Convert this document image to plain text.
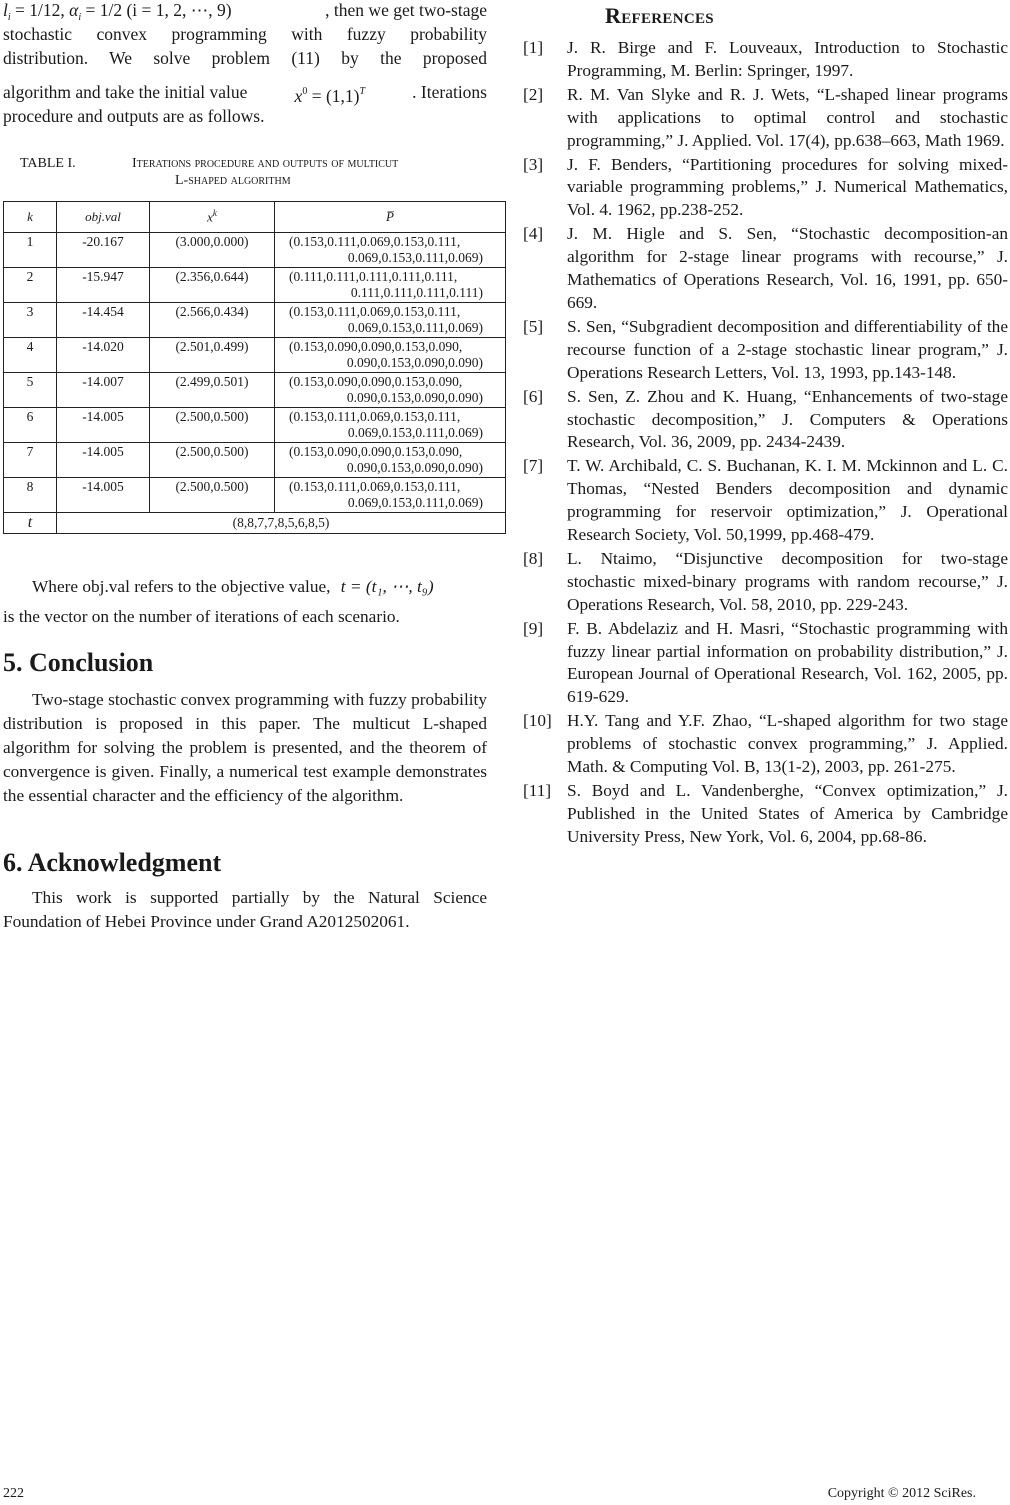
$l_i = 1/12$, $\alpha_i = 1/2$ (i = 1, 2, ⋯, 9)	, then we get two-stage
stochastic convex programming with fuzzy probability
distribution. We solve problem (11) by the proposed
algorithm and take the initial value	$x^0 = (1,1)^T$	. Iterations
procedure and outputs are as follows.
TABLE I.	Iterations procedure and outputs of multicut
L-shaped algorithm
k	obj.val	$x^k$	P̅
1	-20.167	(3.000,0.000)	(0.153,0.111,0.069,0.153,0.111,
0.069,0.153,0.111,0.069)

2	-15.947	(2.356,0.644)	(0.111,0.111,0.111,0.111,0.111,
0.111,0.111,0.111,0.111)

3	-14.454	(2.566,0.434)	(0.153,0.111,0.069,0.153,0.111,
0.069,0.153,0.111,0.069)

4	-14.020	(2.501,0.499)	(0.153,0.090,0.090,0.153,0.090,
0.090,0.153,0.090,0.090)

5	-14.007	(2.499,0.501)	(0.153,0.090,0.090,0.153,0.090,
0.090,0.153,0.090,0.090)

6	-14.005	(2.500,0.500)	(0.153,0.111,0.069,0.153,0.111,
0.069,0.153,0.111,0.069)

7	-14.005	(2.500,0.500)	(0.153,0.090,0.090,0.153,0.090,
0.090,0.153,0.090,0.090)

8	-14.005	(2.500,0.500)	(0.153,0.111,0.069,0.153,0.111,
0.069,0.153,0.111,0.069)

t	(8,8,7,7,8,5,6,8,5)		
Where obj.val refers to the objective value, t = (t₁, ⋯, t₉)
is the vector on the number of iterations of each scenario.
5. Conclusion

Two-stage stochastic convex programming with fuzzy probability distribution is proposed in this paper. The multicut L-shaped algorithm for solving the problem is presented, and the theorem of convergence is given. Finally, a numerical test example demonstrates the essential character and the efficiency of the algorithm.

6. Acknowledgment

This work is supported partially by the Natural Science Foundation of Hebei Province under Grand A2012502061.

References
[1] J. R. Birge and F. Louveaux, Introduction to Stochastic Programming, M. Berlin: Springer, 1997.
[2] R. M. Van Slyke and R. J. Wets, “L-shaped linear programs with applications to optimal control and stochastic programming,” J. Applied. Vol. 17(4), pp.638–663, Math 1969.
[3] J. F. Benders, “Partitioning procedures for solving mixed-variable programming problems,” J. Numerical Mathematics, Vol. 4. 1962, pp.238-252.
[4] J. M. Higle and S. Sen, “Stochastic decomposition-an algorithm for 2-stage linear programs with recourse,” J. Mathematics of Operations Research, Vol. 16, 1991, pp. 650-669.
[5] S. Sen, “Subgradient decomposition and differentiability of the recourse function of a 2-stage stochastic linear program,” J. Operations Research Letters, Vol. 13, 1993, pp.143-148.
[6] S. Sen, Z. Zhou and K. Huang, “Enhancements of two-stage stochastic decomposition,” J. Computers & Operations Research, Vol. 36, 2009, pp. 2434-2439.
[7] T. W. Archibald, C. S. Buchanan, K. I. M. Mckinnon and L. C. Thomas, “Nested Benders decomposition and dynamic programming for reservoir optimization,” J. Operational Research Society, Vol. 50,1999, pp.468-479.
[8] L. Ntaimo, “Disjunctive decomposition for two-stage stochastic mixed-binary programs with random recourse,” J. Operations Research, Vol. 58, 2010, pp. 229-243.
[9] F. B. Abdelaziz and H. Masri, “Stochastic programming with fuzzy linear partial information on probability distribution,” J. European Journal of Operational Research, Vol. 162, 2005, pp. 619-629.
[10] H.Y. Tang and Y.F. Zhao, “L-shaped algorithm for two stage problems of stochastic convex programming,” J. Applied. Math. & Computing Vol. B, 13(1-2), 2003, pp. 261-275.
[11] S. Boyd and L. Vandenberghe, “Convex optimization,” J. Published in the United States of America by Cambridge University Press, New York, Vol. 6, 2004, pp.68-86.
222	Copyright © 2012 SciRes.
